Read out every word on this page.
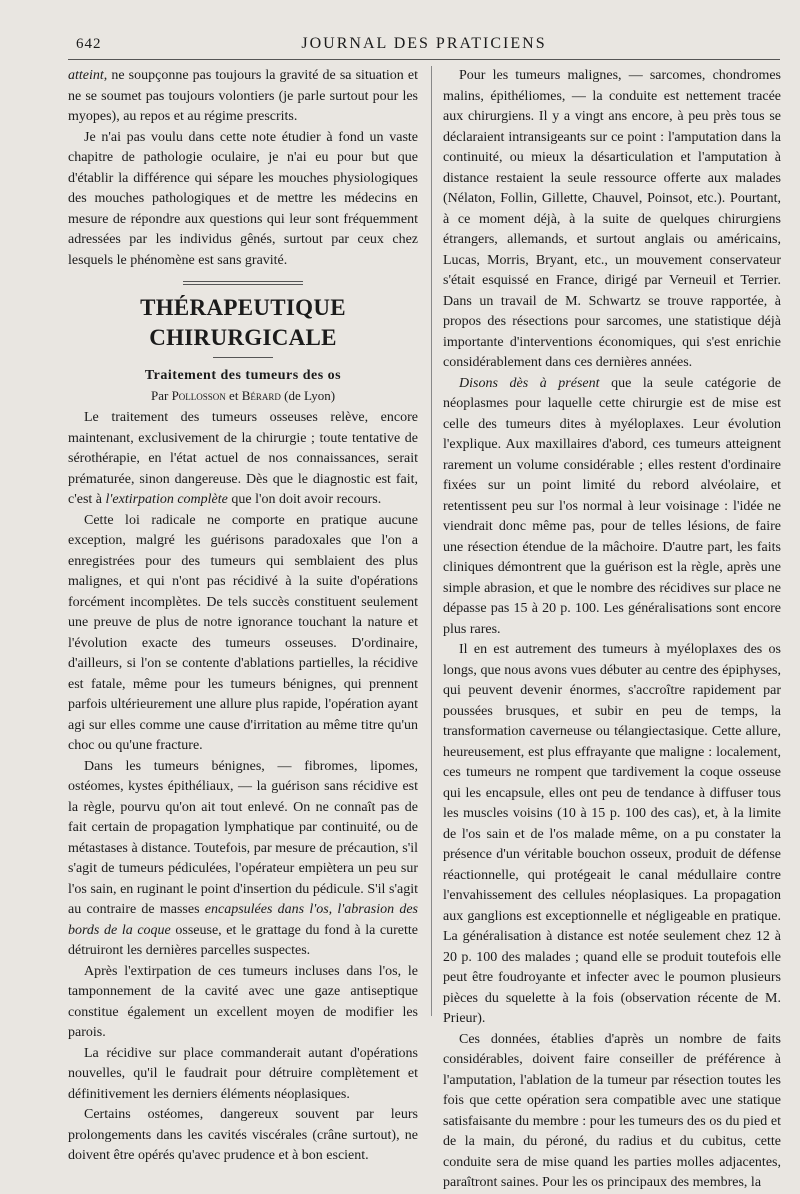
642	JOURNAL DES PRATICIENS

atteint, ne soupçonne pas toujours la gravité de sa situation et ne se soumet pas toujours volontiers (je parle surtout pour les myopes), au repos et au régime prescrits.

Je n'ai pas voulu dans cette note étudier à fond un vaste chapitre de pathologie oculaire, je n'ai eu pour but que d'établir la différence qui sépare les mouches physiologiques des mouches pathologiques et de mettre les médecins en mesure de répondre aux questions qui leur sont fréquemment adressées par les individus gênés, surtout par ceux chez lesquels le phénomène est sans gravité.

THÉRAPEUTIQUE CHIRURGICALE
Traitement des tumeurs des os
Par Pollosson et Bérard (de Lyon)

Le traitement des tumeurs osseuses relève, encore maintenant, exclusivement de la chirurgie ; toute tentative de sérothérapie, en l'état actuel de nos connaissances, serait prématurée, sinon dangereuse. Dès que le diagnostic est fait, c'est à l'extirpation complète que l'on doit avoir recours.

Cette loi radicale ne comporte en pratique aucune exception, malgré les guérisons paradoxales que l'on a enregistrées pour des tumeurs qui semblaient des plus malignes, et qui n'ont pas récidivé à la suite d'opérations forcément incomplètes. De tels succès constituent seulement une preuve de plus de notre ignorance touchant la nature et l'évolution exacte des tumeurs osseuses. D'ordinaire, d'ailleurs, si l'on se contente d'ablations partielles, la récidive est fatale, même pour les tumeurs bénignes, qui prennent parfois ultérieurement une allure plus rapide, l'opération ayant agi sur elles comme une cause d'irritation au même titre qu'un choc ou qu'une fracture.

Dans les tumeurs bénignes, — fibromes, lipomes, ostéomes, kystes épithéliaux, — la guérison sans récidive est la règle, pourvu qu'on ait tout enlevé. On ne connaît pas de fait certain de propagation lymphatique par continuité, ou de métastases à distance. Toutefois, par mesure de précaution, s'il s'agit de tumeurs pédiculées, l'opérateur empiètera un peu sur l'os sain, en ruginant le point d'insertion du pédicule. S'il s'agit au contraire de masses encapsulées dans l'os, l'abrasion des bords de la coque osseuse, et le grattage du fond à la curette détruiront les dernières parcelles suspectes.

Après l'extirpation de ces tumeurs incluses dans l'os, le tamponnement de la cavité avec une gaze antiseptique constitue également un excellent moyen de modifier les parois.

La récidive sur place commanderait autant d'opérations nouvelles, qu'il le faudrait pour détruire complètement et définitivement les derniers éléments néoplasiques.

Certains ostéomes, dangereux souvent par leurs prolongements dans les cavités viscérales (crâne surtout), ne doivent être opérés qu'avec prudence et à bon escient.

Pour les tumeurs malignes, — sarcomes, chondromes malins, épithéliomes, — la conduite est nettement tracée aux chirurgiens. Il y a vingt ans encore, à peu près tous se déclaraient intransigeants sur ce point : l'amputation dans la continuité, ou mieux la désarticulation et l'amputation à distance restaient la seule ressource offerte aux malades (Nélaton, Follin, Gillette, Chauvel, Poinsot, etc.). Pourtant, à ce moment déjà, à la suite de quelques chirurgiens étrangers, allemands, et surtout anglais ou américains, Lucas, Morris, Bryant, etc., un mouvement conservateur s'était esquissé en France, dirigé par Verneuil et Terrier. Dans un travail de M. Schwartz se trouve rapportée, à propos des résections pour sarcomes, une statistique déjà importante d'interventions économiques, qui s'est enrichie considérablement dans ces dernières années.

Disons dès à présent que la seule catégorie de néoplasmes pour laquelle cette chirurgie est de mise est celle des tumeurs dites à myéloplaxes. Leur évolution l'explique. Aux maxillaires d'abord, ces tumeurs atteignent rarement un volume considérable ; elles restent d'ordinaire fixées sur un point limité du rebord alvéolaire, et retentissent peu sur l'os normal à leur voisinage : l'idée ne viendrait donc même pas, pour de telles lésions, de faire une résection étendue de la mâchoire. D'autre part, les faits cliniques démontrent que la guérison est la règle, après une simple abrasion, et que le nombre des récidives sur place ne dépasse pas 15 à 20 p. 100. Les généralisations sont encore plus rares.

Il en est autrement des tumeurs à myéloplaxes des os longs, que nous avons vues débuter au centre des épiphyses, qui peuvent devenir énormes, s'accroître rapidement par poussées brusques, et subir en peu de temps, la transformation caverneuse ou télangiectasique. Cette allure, heureusement, est plus effrayante que maligne : localement, ces tumeurs ne rompent que tardivement la coque osseuse qui les encapsule, elles ont peu de tendance à diffuser tous les muscles voisins (10 à 15 p. 100 des cas), et, à la limite de l'os sain et de l'os malade même, on a pu constater la présence d'un véritable bouchon osseux, produit de défense réactionnelle, qui protégeait le canal médullaire contre l'envahissement des cellules néoplasiques. La propagation aux ganglions est exceptionnelle et négligeable en pratique. La généralisation à distance est notée seulement chez 12 à 20 p. 100 des malades ; quand elle se produit toutefois elle peut être foudroyante et infecter avec le poumon plusieurs pièces du squelette à la fois (observation récente de M. Prieur).

Ces données, établies d'après un nombre de faits considérables, doivent faire conseiller de préférence à l'amputation, l'ablation de la tumeur par résection toutes les fois que cette opération sera compatible avec une statique satisfaisante du membre : pour les tumeurs des os du pied et de la main, du péroné, du radius et du cubitus, cette conduite sera de mise quand les parties molles adjacentes, paraîtront saines. Pour les os principaux des membres, la
